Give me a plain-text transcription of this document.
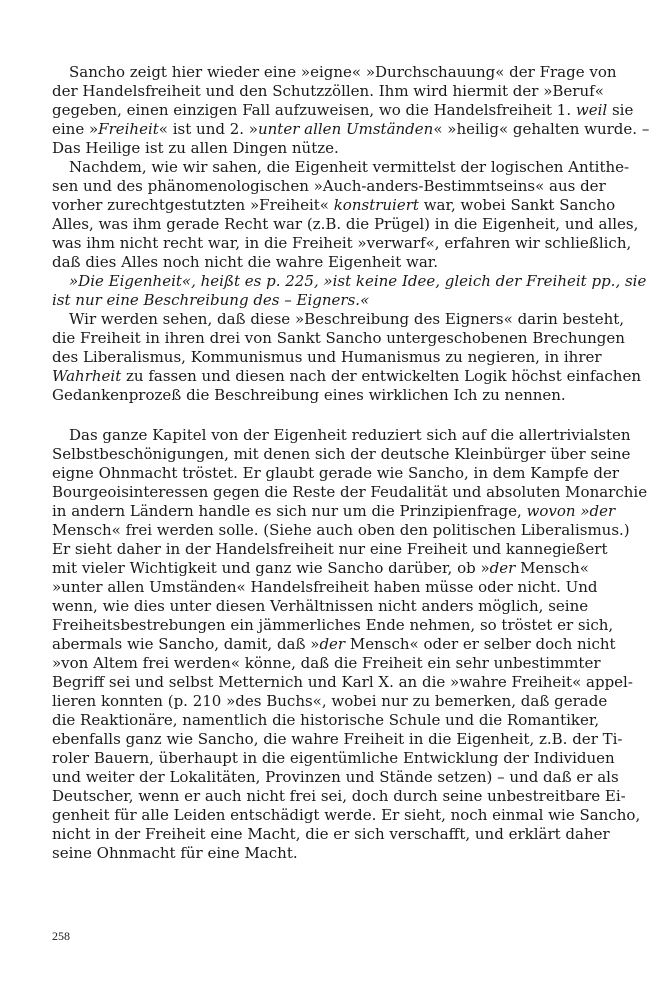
Sancho zeigt hier wieder eine »eigne« »Durchschauung« der Frage von
der Handelsfreiheit und den Schutzzöllen. Ihm wird hiermit der »Beruf«
gegeben, einen einzigen Fall aufzuweisen, wo die Handelsfreiheit 1. weil sie
eine »Freiheit« ist und 2. »unter allen Umständen« »heilig« gehalten wurde. –
Das Heilige ist zu allen Dingen nütze.
Nachdem, wie wir sahen, die Eigenheit vermittelst der logischen Antithe-
sen und des phänomenologischen »Auch-anders-Bestimmtseins« aus der
vorher zurechtgestutzten »Freiheit« konstruiert war, wobei Sankt Sancho
Alles, was ihm gerade Recht war (z.B. die Prügel) in die Eigenheit, und alles,
was ihm nicht recht war, in die Freiheit »verwarf«, erfahren wir schließlich,
daß dies Alles noch nicht die wahre Eigenheit war.
»Die Eigenheit«, heißt es p. 225, »ist keine Idee, gleich der Freiheit pp., sie
ist nur eine Beschreibung des – Eigners.«
Wir werden sehen, daß diese »Beschreibung des Eigners« darin besteht,
die Freiheit in ihren drei von Sankt Sancho untergeschobenen Brechungen
des Liberalismus, Kommunismus und Humanismus zu negieren, in ihrer
Wahrheit zu fassen und diesen nach der entwickelten Logik höchst einfachen
Gedankenprozeß die Beschreibung eines wirklichen Ich zu nennen.
Das ganze Kapitel von der Eigenheit reduziert sich auf die allertrivialsten
Selbstbeschönigungen, mit denen sich der deutsche Kleinbürger über seine
eigne Ohnmacht tröstet. Er glaubt gerade wie Sancho, in dem Kampfe der
Bourgeoisinteressen gegen die Reste der Feudalität und absoluten Monarchie
in andern Ländern handle es sich nur um die Prinzipienfrage, wovon »der
Mensch« frei werden solle. (Siehe auch oben den politischen Liberalismus.)
Er sieht daher in der Handelsfreiheit nur eine Freiheit und kannegießert
mit vieler Wichtigkeit und ganz wie Sancho darüber, ob »der Mensch«
»unter allen Umständen« Handelsfreiheit haben müsse oder nicht. Und
wenn, wie dies unter diesen Verhältnissen nicht anders möglich, seine
Freiheitsbestrebungen ein jämmerliches Ende nehmen, so tröstet er sich,
abermals wie Sancho, damit, daß »der Mensch« oder er selber doch nicht
»von Altem frei werden« könne, daß die Freiheit ein sehr unbestimmter
Begriff sei und selbst Metternich und Karl X. an die »wahre Freiheit« appel-
lieren konnten (p. 210 »des Buchs«, wobei nur zu bemerken, daß gerade
die Reaktionäre, namentlich die historische Schule und die Romantiker,
ebenfalls ganz wie Sancho, die wahre Freiheit in die Eigenheit, z.B. der Ti-
roler Bauern, überhaupt in die eigentümliche Entwicklung der Individuen
und weiter der Lokalitäten, Provinzen und Stände setzen) – und daß er als
Deutscher, wenn er auch nicht frei sei, doch durch seine unbestreitbare Ei-
genheit für alle Leiden entschädigt werde. Er sieht, noch einmal wie Sancho,
nicht in der Freiheit eine Macht, die er sich verschafft, und erklärt daher
seine Ohnmacht für eine Macht.
258
